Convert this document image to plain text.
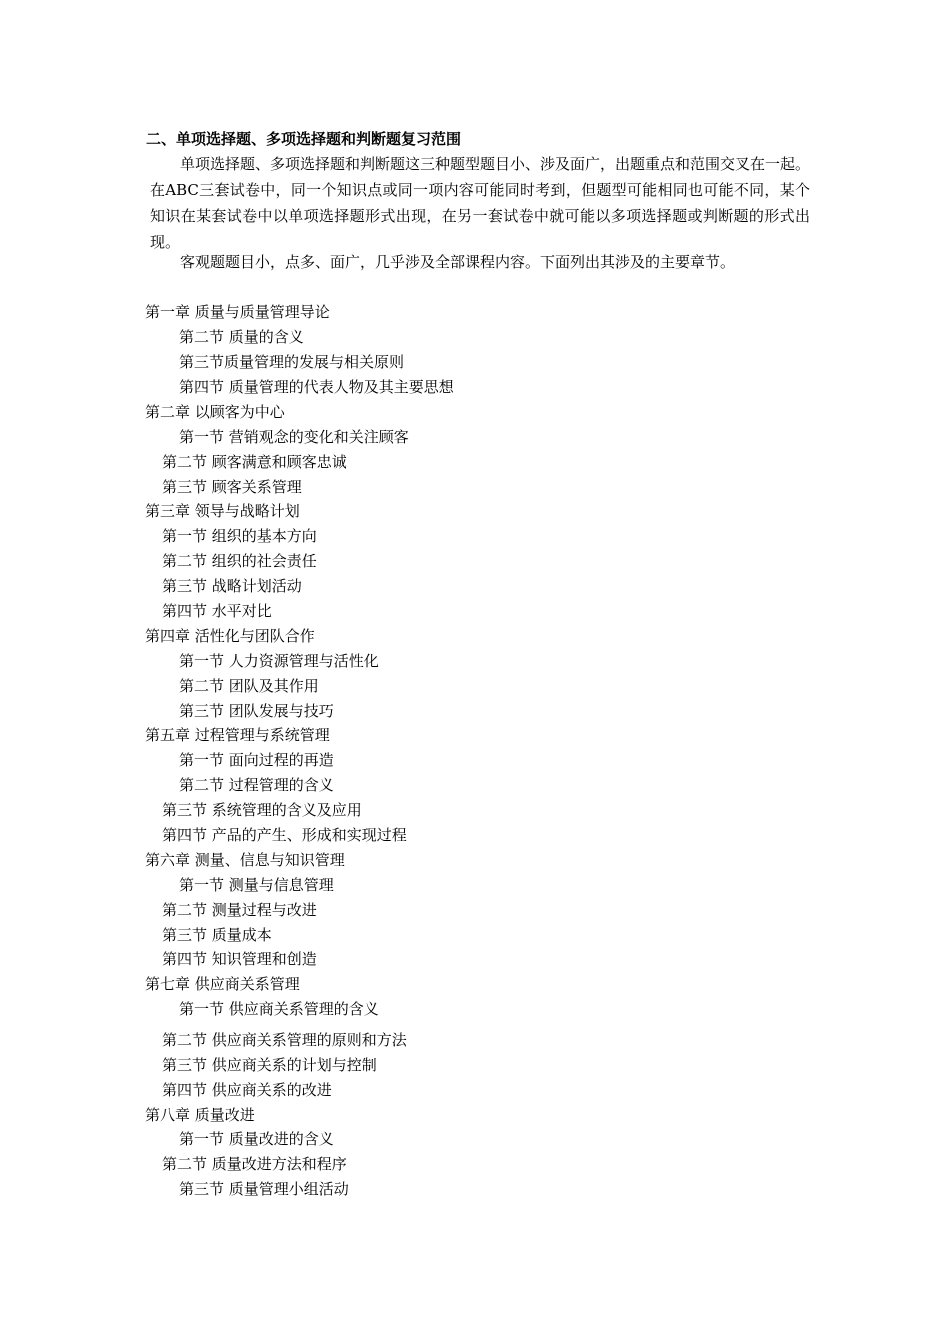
二、单项选择题、多项选择题和判断题复习范围
单项选择题、多项选择题和判断题这三种题型题目小、涉及面广，出题重点和范围交叉在一起。在ABC三套试卷中，同一个知识点或同一项内容可能同时考到，但题型可能相同也可能不同，某个知识在某套试卷中以单项选择题形式出现，在另一套试卷中就可能以多项选择题或判断题的形式出现。
客观题题目小，点多、面广，几乎涉及全部课程内容。下面列出其涉及的主要章节。
第一章 质量与质量管理导论
第二节 质量的含义
第三节质量管理的发展与相关原则
第四节 质量管理的代表人物及其主要思想
第二章 以顾客为中心
第一节 营销观念的变化和关注顾客
第二节 顾客满意和顾客忠诚
第三节 顾客关系管理
第三章 领导与战略计划
第一节 组织的基本方向
第二节 组织的社会责任
第三节 战略计划活动
第四节 水平对比
第四章 活性化与团队合作
第一节 人力资源管理与活性化
第二节 团队及其作用
第三节 团队发展与技巧
第五章 过程管理与系统管理
第一节 面向过程的再造
第二节 过程管理的含义
第三节 系统管理的含义及应用
第四节 产品的产生、形成和实现过程
第六章 测量、信息与知识管理
第一节 测量与信息管理
第二节 测量过程与改进
第三节 质量成本
第四节 知识管理和创造
第七章 供应商关系管理
第一节 供应商关系管理的含义
第二节 供应商关系管理的原则和方法
第三节 供应商关系的计划与控制
第四节 供应商关系的改进
第八章 质量改进
第一节 质量改进的含义
第二节 质量改进方法和程序
第三节 质量管理小组活动
